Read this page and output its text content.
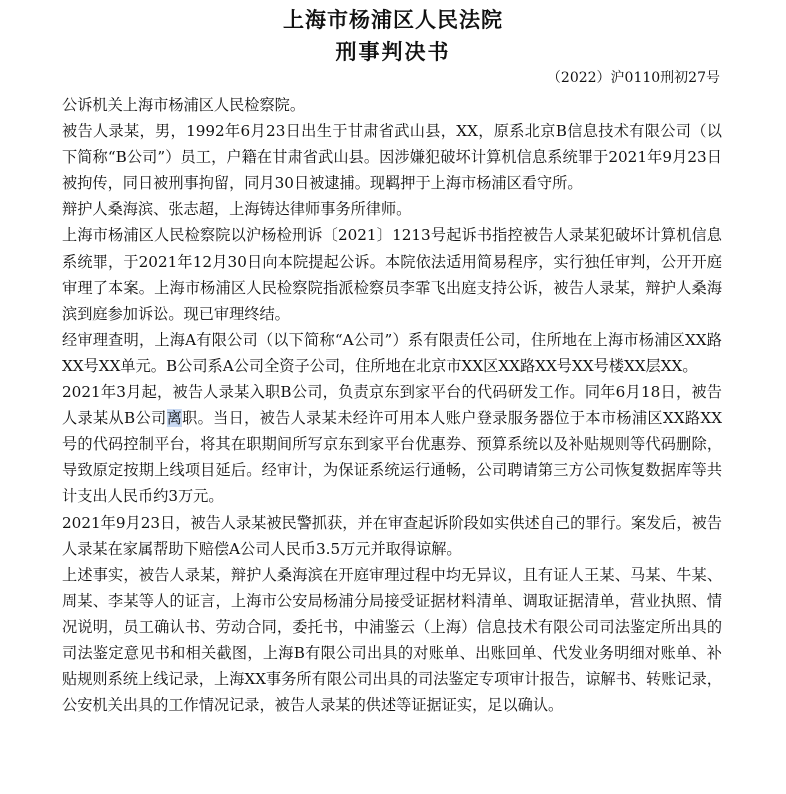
上海市杨浦区人民法院
刑事判决书
（2022）沪0110刑初27号

公诉机关上海市杨浦区人民检察院。

被告人录某，男，1992年6月23日出生于甘肃省武山县，XX，原系北京B信息技术有限公司（以下简称“B公司”）员工，户籍在甘肃省武山县。因涉嫌犯破坏计算机信息系统罪于2021年9月23日被拘传，同日被刑事拘留，同月30日被逮捕。现羁押于上海市杨浦区看守所。

辩护人桑海滨、张志超，上海铸达律师事务所律师。

上海市杨浦区人民检察院以沪杨检刑诉〔2021〕1213号起诉书指控被告人录某犯破坏计算机信息系统罪，于2021年12月30日向本院提起公诉。本院依法适用简易程序，实行独任审判，公开开庭审理了本案。上海市杨浦区人民检察院指派检察员李霏飞出庭支持公诉，被告人录某，辩护人桑海滨到庭参加诉讼。现已审理终结。

经审理查明，上海A有限公司（以下简称“A公司”）系有限责任公司，住所地在上海市杨浦区XX路XX号XX单元。B公司系A公司全资子公司，住所地在北京市XX区XX路XX号XX号楼XX层XX。

2021年3月起，被告人录某入职B公司，负责京东到家平台的代码研发工作。同年6月18日，被告人录某从B公司离职。当日，被告人录某未经许可用本人账户登录服务器位于本市杨浦区XX路XX号的代码控制平台，将其在职期间所写京东到家平台优惠券、预算系统以及补贴规则等代码删除，导致原定按期上线项目延后。经审计，为保证系统运行通畅，公司聘请第三方公司恢复数据库等共计支出人民币约3万元。

2021年9月23日，被告人录某被民警抓获，并在审查起诉阶段如实供述自己的罪行。案发后，被告人录某在家属帮助下赔偿A公司人民币3.5万元并取得谅解。

上述事实，被告人录某，辩护人桑海滨在开庭审理过程中均无异议，且有证人王某、马某、牛某、周某、李某等人的证言，上海市公安局杨浦分局接受证据材料清单、调取证据清单，营业执照、情况说明，员工确认书、劳动合同，委托书，中浦鉴云（上海）信息技术有限公司司法鉴定所出具的司法鉴定意见书和相关截图，上海B有限公司出具的对账单、出账回单、代发业务明细对账单、补贴规则系统上线记录，上海XX事务所有限公司出具的司法鉴定专项审计报告，谅解书、转账记录，公安机关出具的工作情况记录，被告人录某的供述等证据证实，足以确认。
